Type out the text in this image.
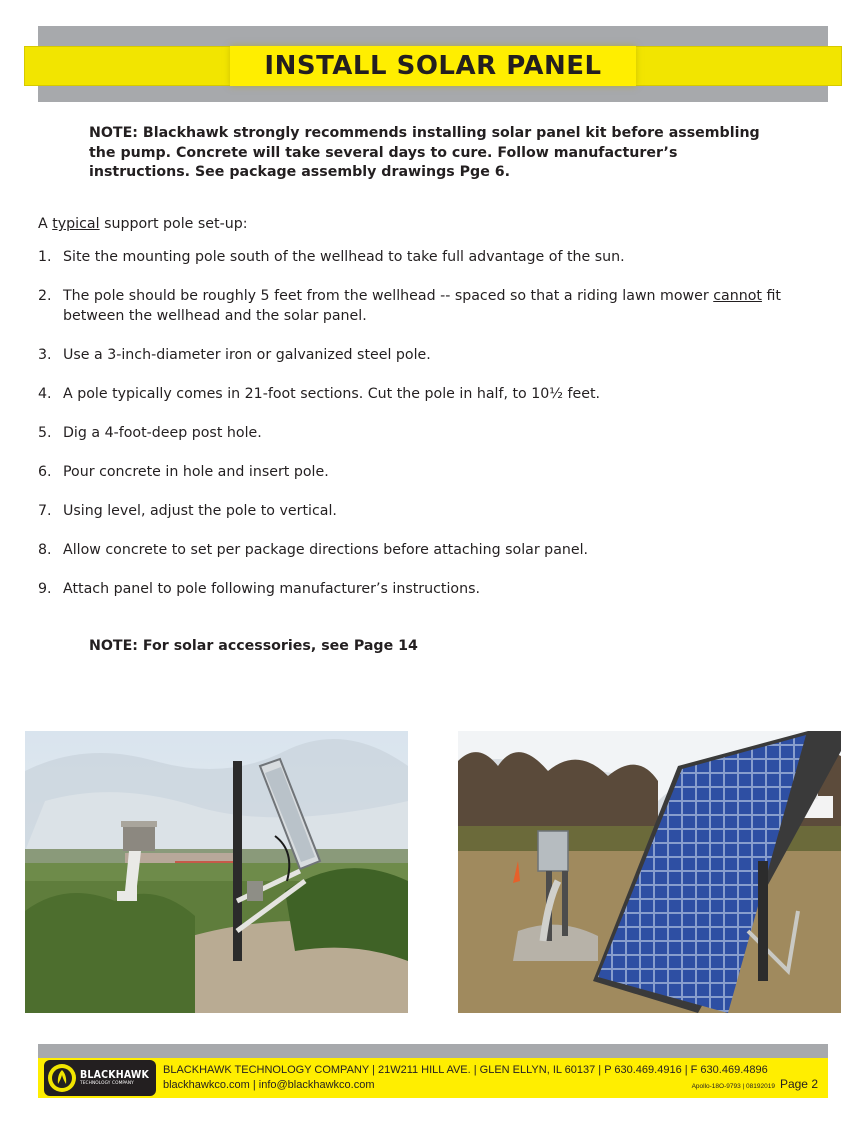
INSTALL SOLAR PANEL

NOTE: Blackhawk strongly recommends installing solar panel kit before assembling the pump. Concrete will take several days to cure. Follow manufacturer’s instructions. See package assembly drawings Pge 6.

A typical support pole set-up:

1. Site the mounting pole south of the wellhead to take full advantage of the sun.
2. The pole should be roughly 5 feet from the wellhead -- spaced so that a riding lawn mower cannot fit between the wellhead and the solar panel.
3. Use a 3-inch-diameter iron or galvanized steel pole.
4. A pole typically comes in 21-foot sections. Cut the pole in half, to 10½ feet.
5. Dig a 4-foot-deep post hole.
6. Pour concrete in hole and insert pole.
7. Using level, adjust the pole to vertical.
8. Allow concrete to set per package directions before attaching solar panel.
9. Attach panel to pole following manufacturer’s instructions.

NOTE: For solar accessories, see Page 14

BLACKHAWK
TECHNOLOGY COMPANY
BLACKHAWK TECHNOLOGY COMPANY | 21W211 HILL AVE. | GLEN ELLYN, IL 60137 | P 630.469.4916 | F 630.469.4896
blackhawkco.com | info@blackhawkco.com	Apollo-18O-9793 | 08192019 Page 2
